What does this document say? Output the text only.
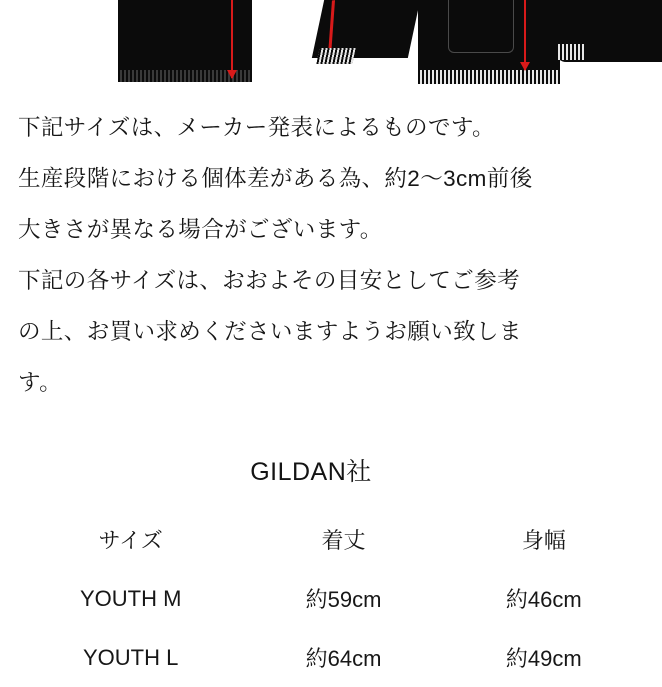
下記サイズは、メーカー発表によるものです。

生産段階における個体差がある為、約2〜3cm前後

大きさが異なる場合がございます。

下記の各サイズは、おおよその目安としてご参考

の上、お買い求めくださいますようお願い致しま

す。

GILDAN社
サイズ	着丈	身幅
YOUTH M	約59cm	約46cm
YOUTH L	約64cm	約49cm
